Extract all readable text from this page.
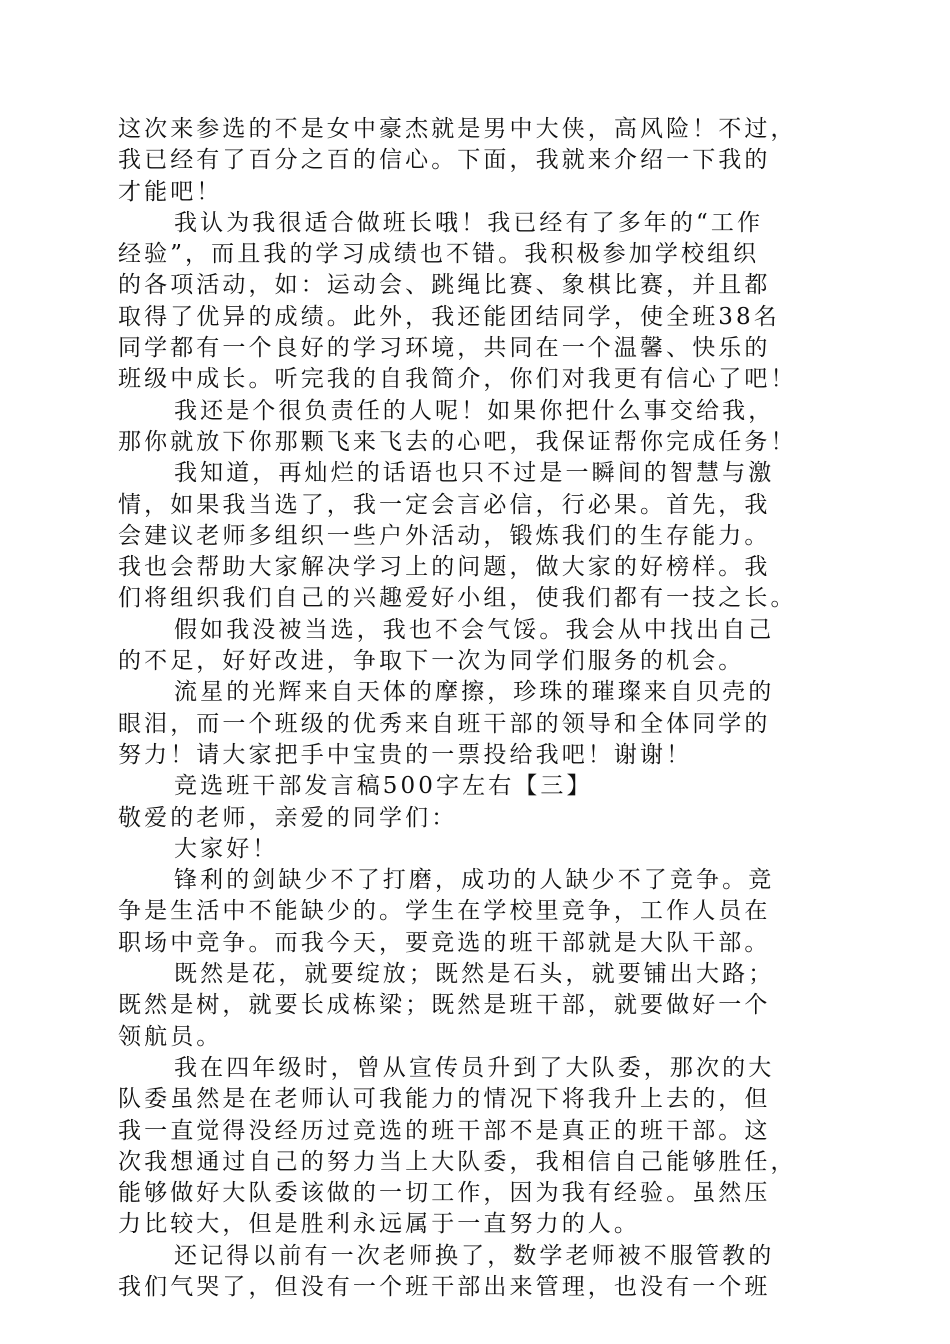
这次来参选的不是女中豪杰就是男中大侠，高风险！不过，
我已经有了百分之百的信心。下面，我就来介绍一下我的
才能吧！
我认为我很适合做班长哦！我已经有了多年的“工作
经验”，而且我的学习成绩也不错。我积极参加学校组织
的各项活动，如：运动会、跳绳比赛、象棋比赛，并且都
取得了优异的成绩。此外，我还能团结同学，使全班38名
同学都有一个良好的学习环境，共同在一个温馨、快乐的
班级中成长。听完我的自我简介，你们对我更有信心了吧！
我还是个很负责任的人呢！如果你把什么事交给我，
那你就放下你那颗飞来飞去的心吧，我保证帮你完成任务！
我知道，再灿烂的话语也只不过是一瞬间的智慧与激
情，如果我当选了，我一定会言必信，行必果。首先，我
会建议老师多组织一些户外活动，锻炼我们的生存能力。
我也会帮助大家解决学习上的问题，做大家的好榜样。我
们将组织我们自己的兴趣爱好小组，使我们都有一技之长。
假如我没被当选，我也不会气馁。我会从中找出自己
的不足，好好改进，争取下一次为同学们服务的机会。
流星的光辉来自天体的摩擦，珍珠的璀璨来自贝壳的
眼泪，而一个班级的优秀来自班干部的领导和全体同学的
努力！请大家把手中宝贵的一票投给我吧！谢谢！
竞选班干部发言稿500字左右【三】
敬爱的老师，亲爱的同学们：
大家好！
锋利的剑缺少不了打磨，成功的人缺少不了竞争。竞
争是生活中不能缺少的。学生在学校里竞争，工作人员在
职场中竞争。而我今天，要竞选的班干部就是大队干部。
既然是花，就要绽放；既然是石头，就要铺出大路；
既然是树，就要长成栋梁；既然是班干部，就要做好一个
领航员。
我在四年级时，曾从宣传员升到了大队委，那次的大
队委虽然是在老师认可我能力的情况下将我升上去的，但
我一直觉得没经历过竞选的班干部不是真正的班干部。这
次我想通过自己的努力当上大队委，我相信自己能够胜任，
能够做好大队委该做的一切工作，因为我有经验。虽然压
力比较大，但是胜利永远属于一直努力的人。
还记得以前有一次老师换了，数学老师被不服管教的
我们气哭了，但没有一个班干部出来管理，也没有一个班
